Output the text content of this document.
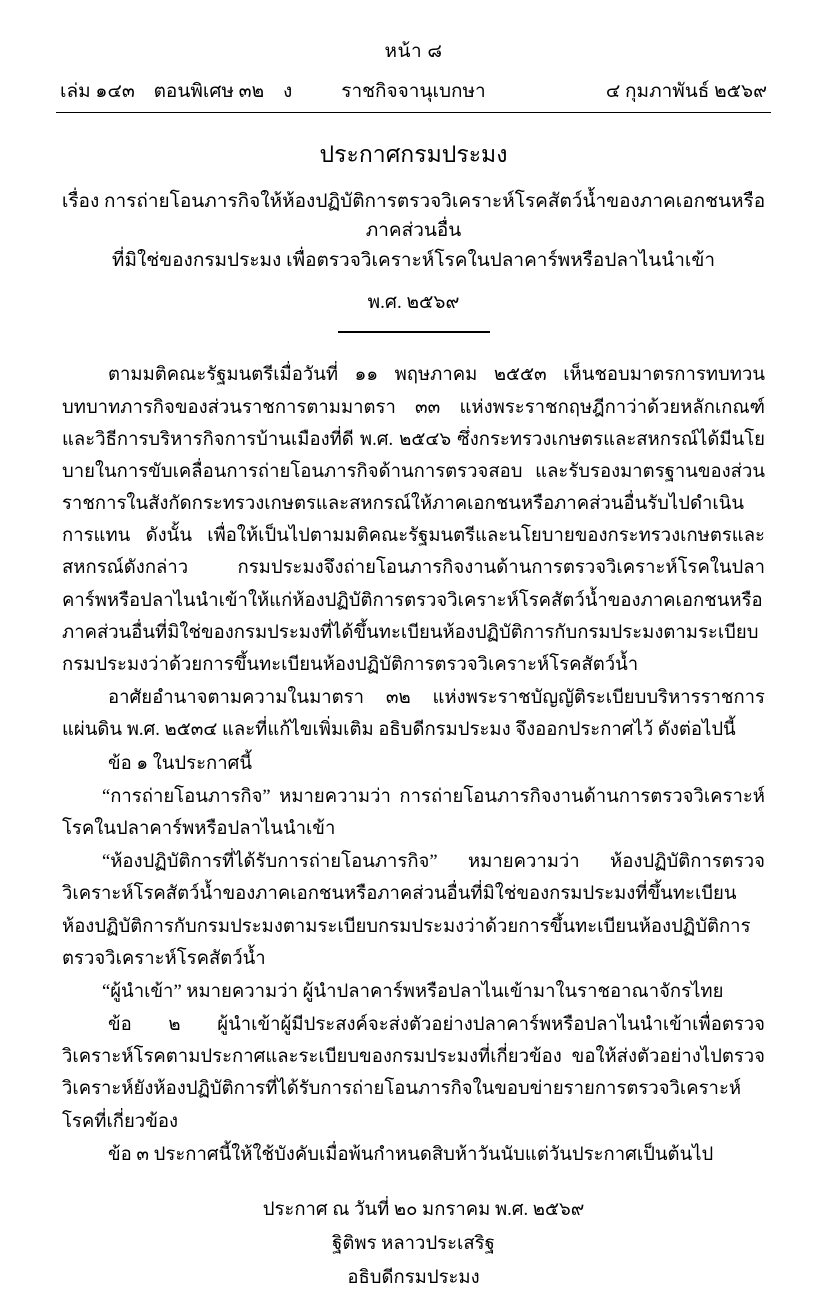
หน้า ๘
เล่ม ๑๔๓ ตอนพิเศษ ๓๒ ง	ราชกิจจานุเบกษา	๔ กุมภาพันธ์ ๒๕๖๙
ประกาศกรมประมง
เรื่อง การถ่ายโอนภารกิจให้ห้องปฏิบัติการตรวจวิเคราะห์โรคสัตว์น้ำของภาคเอกชนหรือภาคส่วนอื่น
ที่มิใช่ของกรมประมง เพื่อตรวจวิเคราะห์โรคในปลาคาร์พหรือปลาไนนำเข้า
พ.ศ. ๒๕๖๙

ตามมติคณะรัฐมนตรีเมื่อวันที่ ๑๑ พฤษภาคม ๒๕๕๓ เห็นชอบมาตรการทบทวนบทบาทภารกิจของส่วนราชการตามมาตรา ๓๓ แห่งพระราชกฤษฎีกาว่าด้วยหลักเกณฑ์และวิธีการบริหารกิจการบ้านเมืองที่ดี พ.ศ. ๒๕๔๖ ซึ่งกระทรวงเกษตรและสหกรณ์ได้มีนโยบายในการขับเคลื่อนการถ่ายโอนภารกิจด้านการตรวจสอบ และรับรองมาตรฐานของส่วนราชการในสังกัดกระทรวงเกษตรและสหกรณ์ให้ภาคเอกชนหรือภาคส่วนอื่นรับไปดำเนินการแทน ดังนั้น เพื่อให้เป็นไปตามมติคณะรัฐมนตรีและนโยบายของกระทรวงเกษตรและสหกรณ์ดังกล่าว กรมประมงจึงถ่ายโอนภารกิจงานด้านการตรวจวิเคราะห์โรคในปลาคาร์พหรือปลาไนนำเข้าให้แก่ห้องปฏิบัติการตรวจวิเคราะห์โรคสัตว์น้ำของภาคเอกชนหรือภาคส่วนอื่นที่มิใช่ของกรมประมงที่ได้ขึ้นทะเบียนห้องปฏิบัติการกับกรมประมงตามระเบียบกรมประมงว่าด้วยการขึ้นทะเบียนห้องปฏิบัติการตรวจวิเคราะห์โรคสัตว์น้ำ

อาศัยอำนาจตามความในมาตรา ๓๒ แห่งพระราชบัญญัติระเบียบบริหารราชการแผ่นดิน พ.ศ. ๒๕๓๔ และที่แก้ไขเพิ่มเติม อธิบดีกรมประมง จึงออกประกาศไว้ ดังต่อไปนี้

ข้อ ๑ ในประกาศนี้

“การถ่ายโอนภารกิจ” หมายความว่า การถ่ายโอนภารกิจงานด้านการตรวจวิเคราะห์โรคในปลาคาร์พหรือปลาไนนำเข้า

“ห้องปฏิบัติการที่ได้รับการถ่ายโอนภารกิจ” หมายความว่า ห้องปฏิบัติการตรวจวิเคราะห์โรคสัตว์น้ำของภาคเอกชนหรือภาคส่วนอื่นที่มิใช่ของกรมประมงที่ขึ้นทะเบียนห้องปฏิบัติการกับกรมประมงตามระเบียบกรมประมงว่าด้วยการขึ้นทะเบียนห้องปฏิบัติการตรวจวิเคราะห์โรคสัตว์น้ำ

“ผู้นำเข้า” หมายความว่า ผู้นำปลาคาร์พหรือปลาไนเข้ามาในราชอาณาจักรไทย

ข้อ ๒ ผู้นำเข้าผู้มีประสงค์จะส่งตัวอย่างปลาคาร์พหรือปลาไนนำเข้าเพื่อตรวจวิเคราะห์โรคตามประกาศและระเบียบของกรมประมงที่เกี่ยวข้อง ขอให้ส่งตัวอย่างไปตรวจวิเคราะห์ยังห้องปฏิบัติการที่ได้รับการถ่ายโอนภารกิจในขอบข่ายรายการตรวจวิเคราะห์โรคที่เกี่ยวข้อง

ข้อ ๓ ประกาศนี้ให้ใช้บังคับเมื่อพ้นกำหนดสิบห้าวันนับแต่วันประกาศเป็นต้นไป

ประกาศ ณ วันที่ ๒๐ มกราคม พ.ศ. ๒๕๖๙
ฐิติพร หลาวประเสริฐ
อธิบดีกรมประมง
